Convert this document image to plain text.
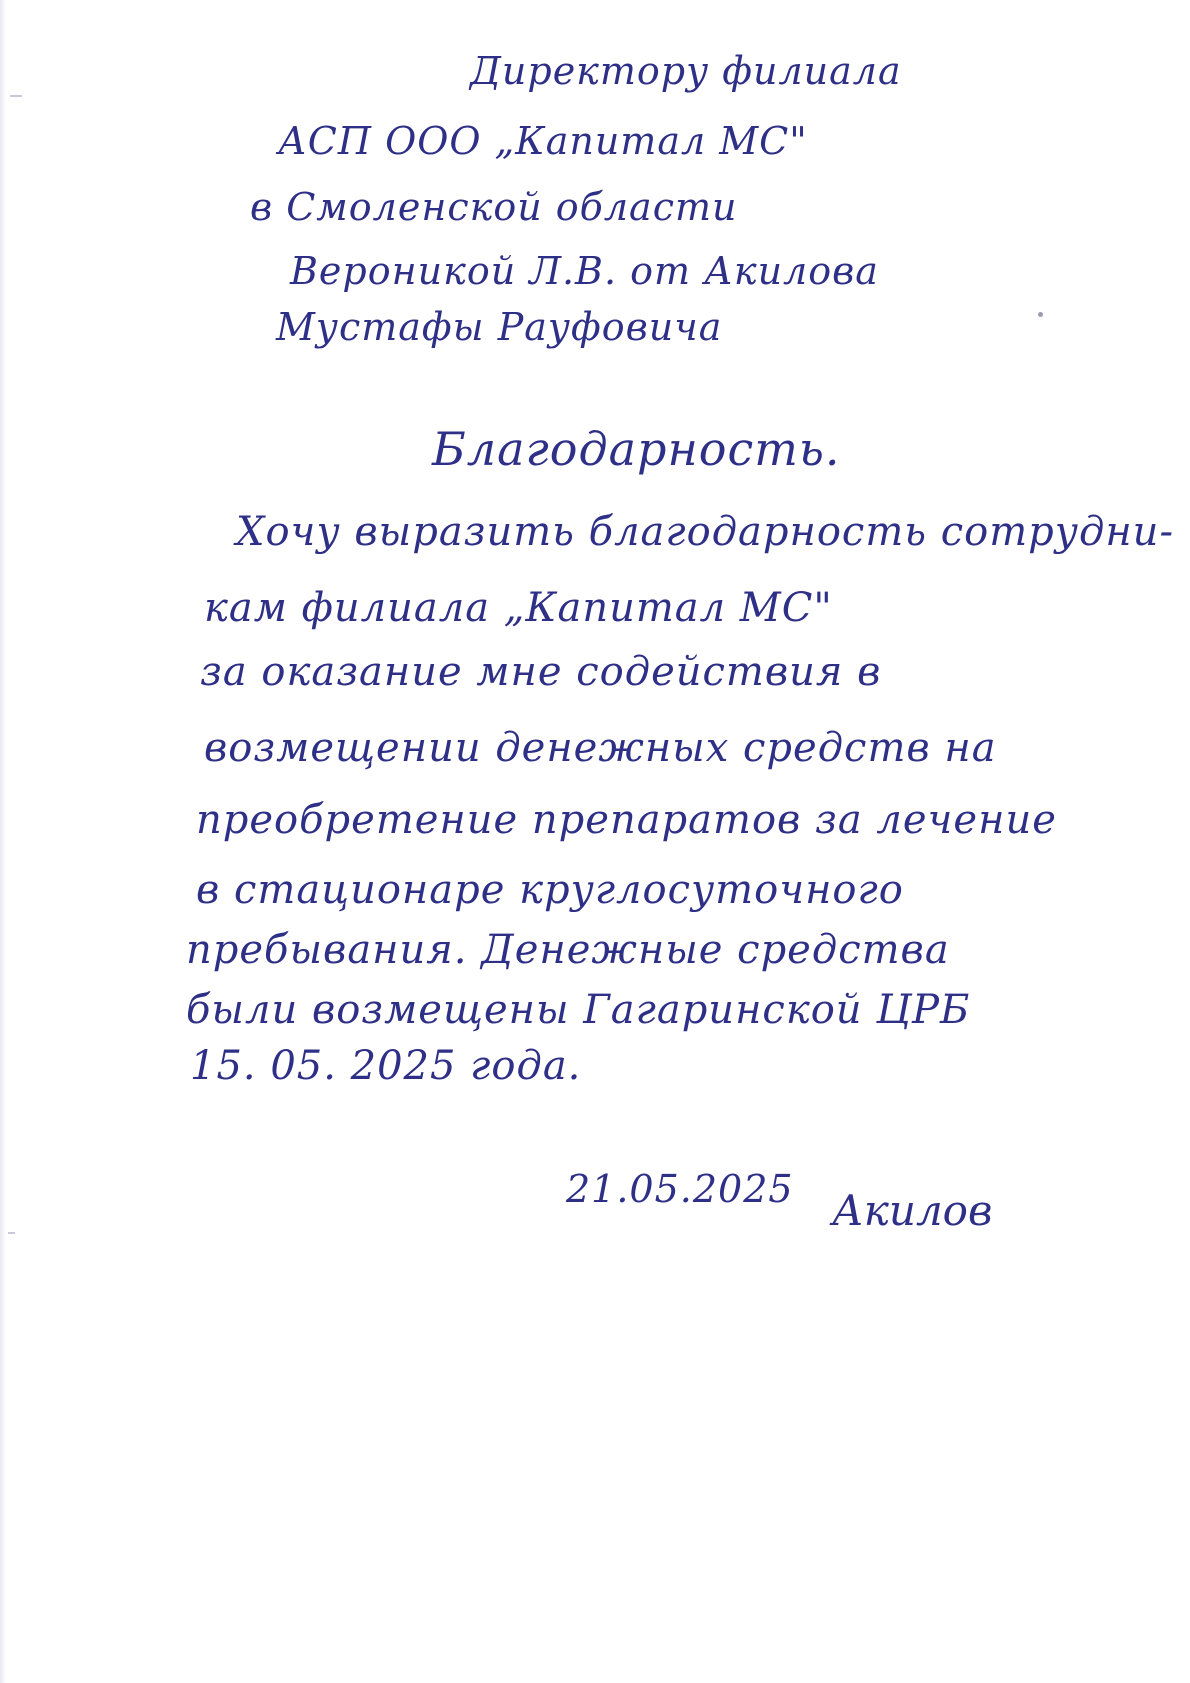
Директору филиала

АСП ООО „Капитал МС"

в Смоленской области

Вероникой Л.В. от Акилова

Мустафы Рауфовича

Благодарность.

Хочу выразить благодарность сотрудни-

кам филиала „Капитал МС"

за оказание мне содействия в

возмещении денежных средств на

преобретение препаратов за лечение

в стационаре круглосуточного

пребывания. Денежные средства

были возмещены Гагаринской ЦРБ

15. 05. 2025 года.

21.05.2025 Акилов
